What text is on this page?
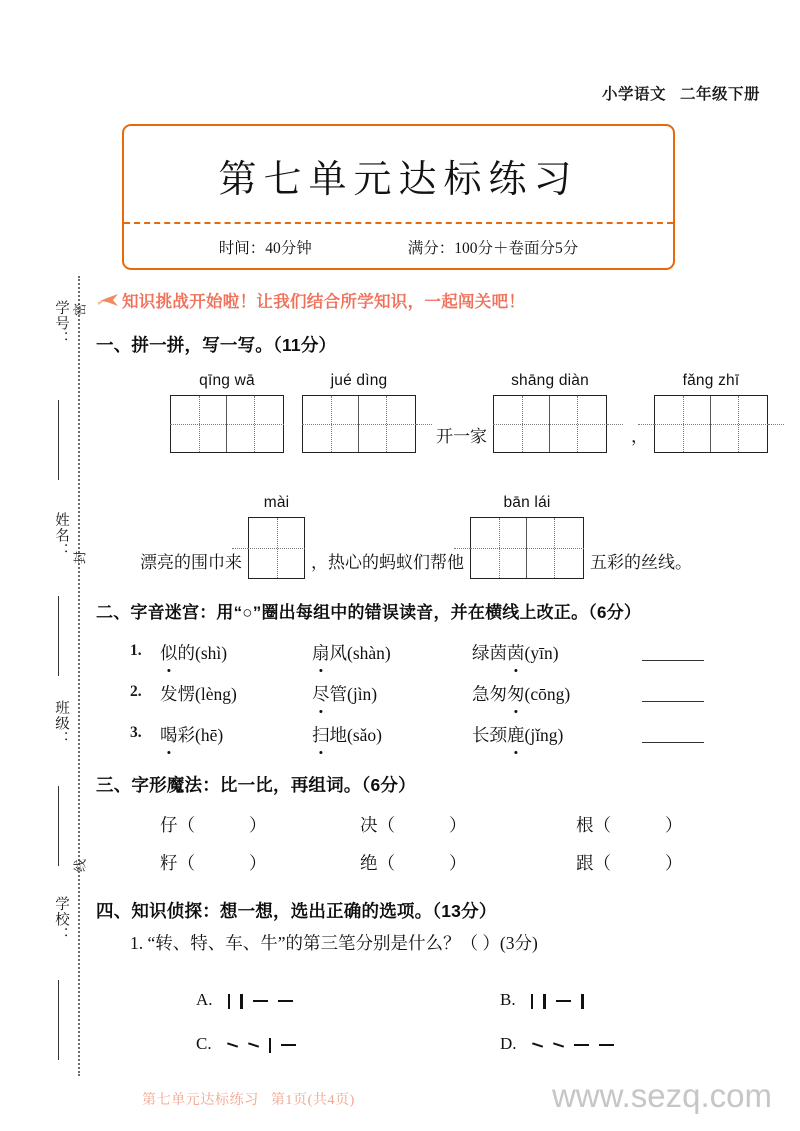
小学语文 二年级下册
第七单元达标练习
时间：40分钟	满分：100分＋卷面分5分
知识挑战开始啦！让我们结合所学知识，一起闯关吧！
一、拼一拼，写一写。（11分）
qīng wā	jué dìng
开一家
shāng diàn
，
fǎng zhī
漂亮的围巾来
mài
，热心的蚂蚁们帮他
bān lái
五彩的丝线。
二、字音迷宫：用“○”圈出每组中的错误读音，并在横线上改正。（6分）
1. 似的(shì)	扇风(shàn)	绿茵茵(yīn)
2. 发愣(lèng)	尽管(jìn)	急匆匆(cōng)
3. 喝彩(hē)	扫地(sǎo)	长颈鹿(jǐng)
三、字形魔法：比一比，再组词。（6分）
仔（	）	决（	）	根（	）
籽（	）	绝（	）	跟（	）
四、知识侦探：想一想，选出正确的选项。（13分）
1. “转、特、车、牛”的第三笔分别是什么？（ ）(3分)
A.	B.
C.	D.
第七单元达标练习 第1页(共4页)	www.sezq.com
学号：
姓名：
班级：
学校：
密
封
线
